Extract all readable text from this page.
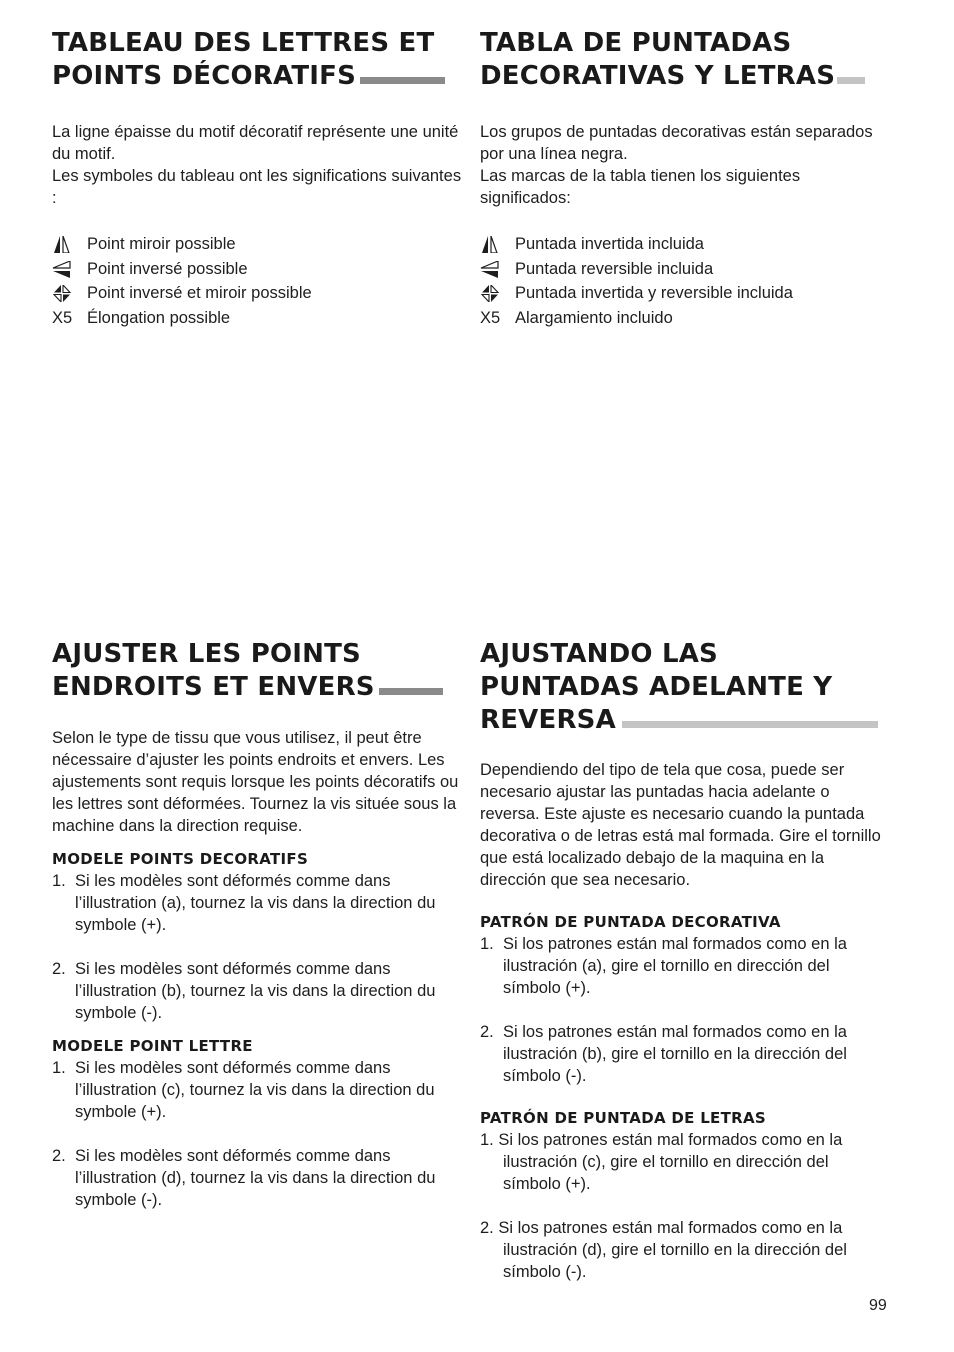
TABLEAU DES LETTRES ET
POINTS DÉCORATIFS

La ligne épaisse du motif décoratif représente une unité du motif.

Les symboles du tableau ont les significations suivantes :

Point miroir possible
Point inversé possible
Point inversé et miroir possible
X5 Élongation possible
TABLA DE PUNTADAS
DECORATIVAS Y LETRAS

Los grupos de puntadas decorativas están separados por una línea negra.

Las marcas de la tabla tienen los siguientes significados:

Puntada invertida incluida
Puntada reversible incluida
Puntada invertida y reversible incluida
X5 Alargamiento incluido
AJUSTER LES POINTS
ENDROITS ET ENVERS

Selon le type de tissu que vous utilisez, il peut être nécessaire d’ajuster les points endroits et envers. Les ajustements sont requis lorsque les points décoratifs ou les lettres sont déformées. Tournez la vis située sous la machine dans la direction requise.

MODELE POINTS DECORATIFS
1. Si les modèles sont déformés comme dans l’illustration (a), tournez la vis dans la direction du symbole (+).
2. Si les modèles sont déformés comme dans l’illustration (b), tournez la vis dans la direction du symbole (-).
MODELE POINT LETTRE
1. Si les modèles sont déformés comme dans l’illustration (c), tournez la vis dans la direction du symbole (+).
2. Si les modèles sont déformés comme dans l’illustration (d), tournez la vis dans la direction du symbole (-).
AJUSTANDO LAS
PUNTADAS ADELANTE Y
REVERSA

Dependiendo del tipo de tela que cosa, puede ser necesario ajustar las puntadas hacia adelante o reversa. Este ajuste es necesario cuando la puntada decorativa o de letras está mal formada. Gire el tornillo que está localizado debajo de la maquina en la dirección que sea necesario.

PATRÓN DE PUNTADA DECORATIVA
1. Si los patrones están mal formados como en la ilustración (a), gire el tornillo en dirección del símbolo (+).
2. Si los patrones están mal formados como en la ilustración (b), gire el tornillo en la dirección del símbolo (-).
PATRÓN DE PUNTADA DE LETRAS
1. Si los patrones están mal formados como en la ilustración (c), gire el tornillo en dirección del símbolo (+).
2. Si los patrones están mal formados como en la ilustración (d), gire el tornillo en la dirección del símbolo (-).
99
